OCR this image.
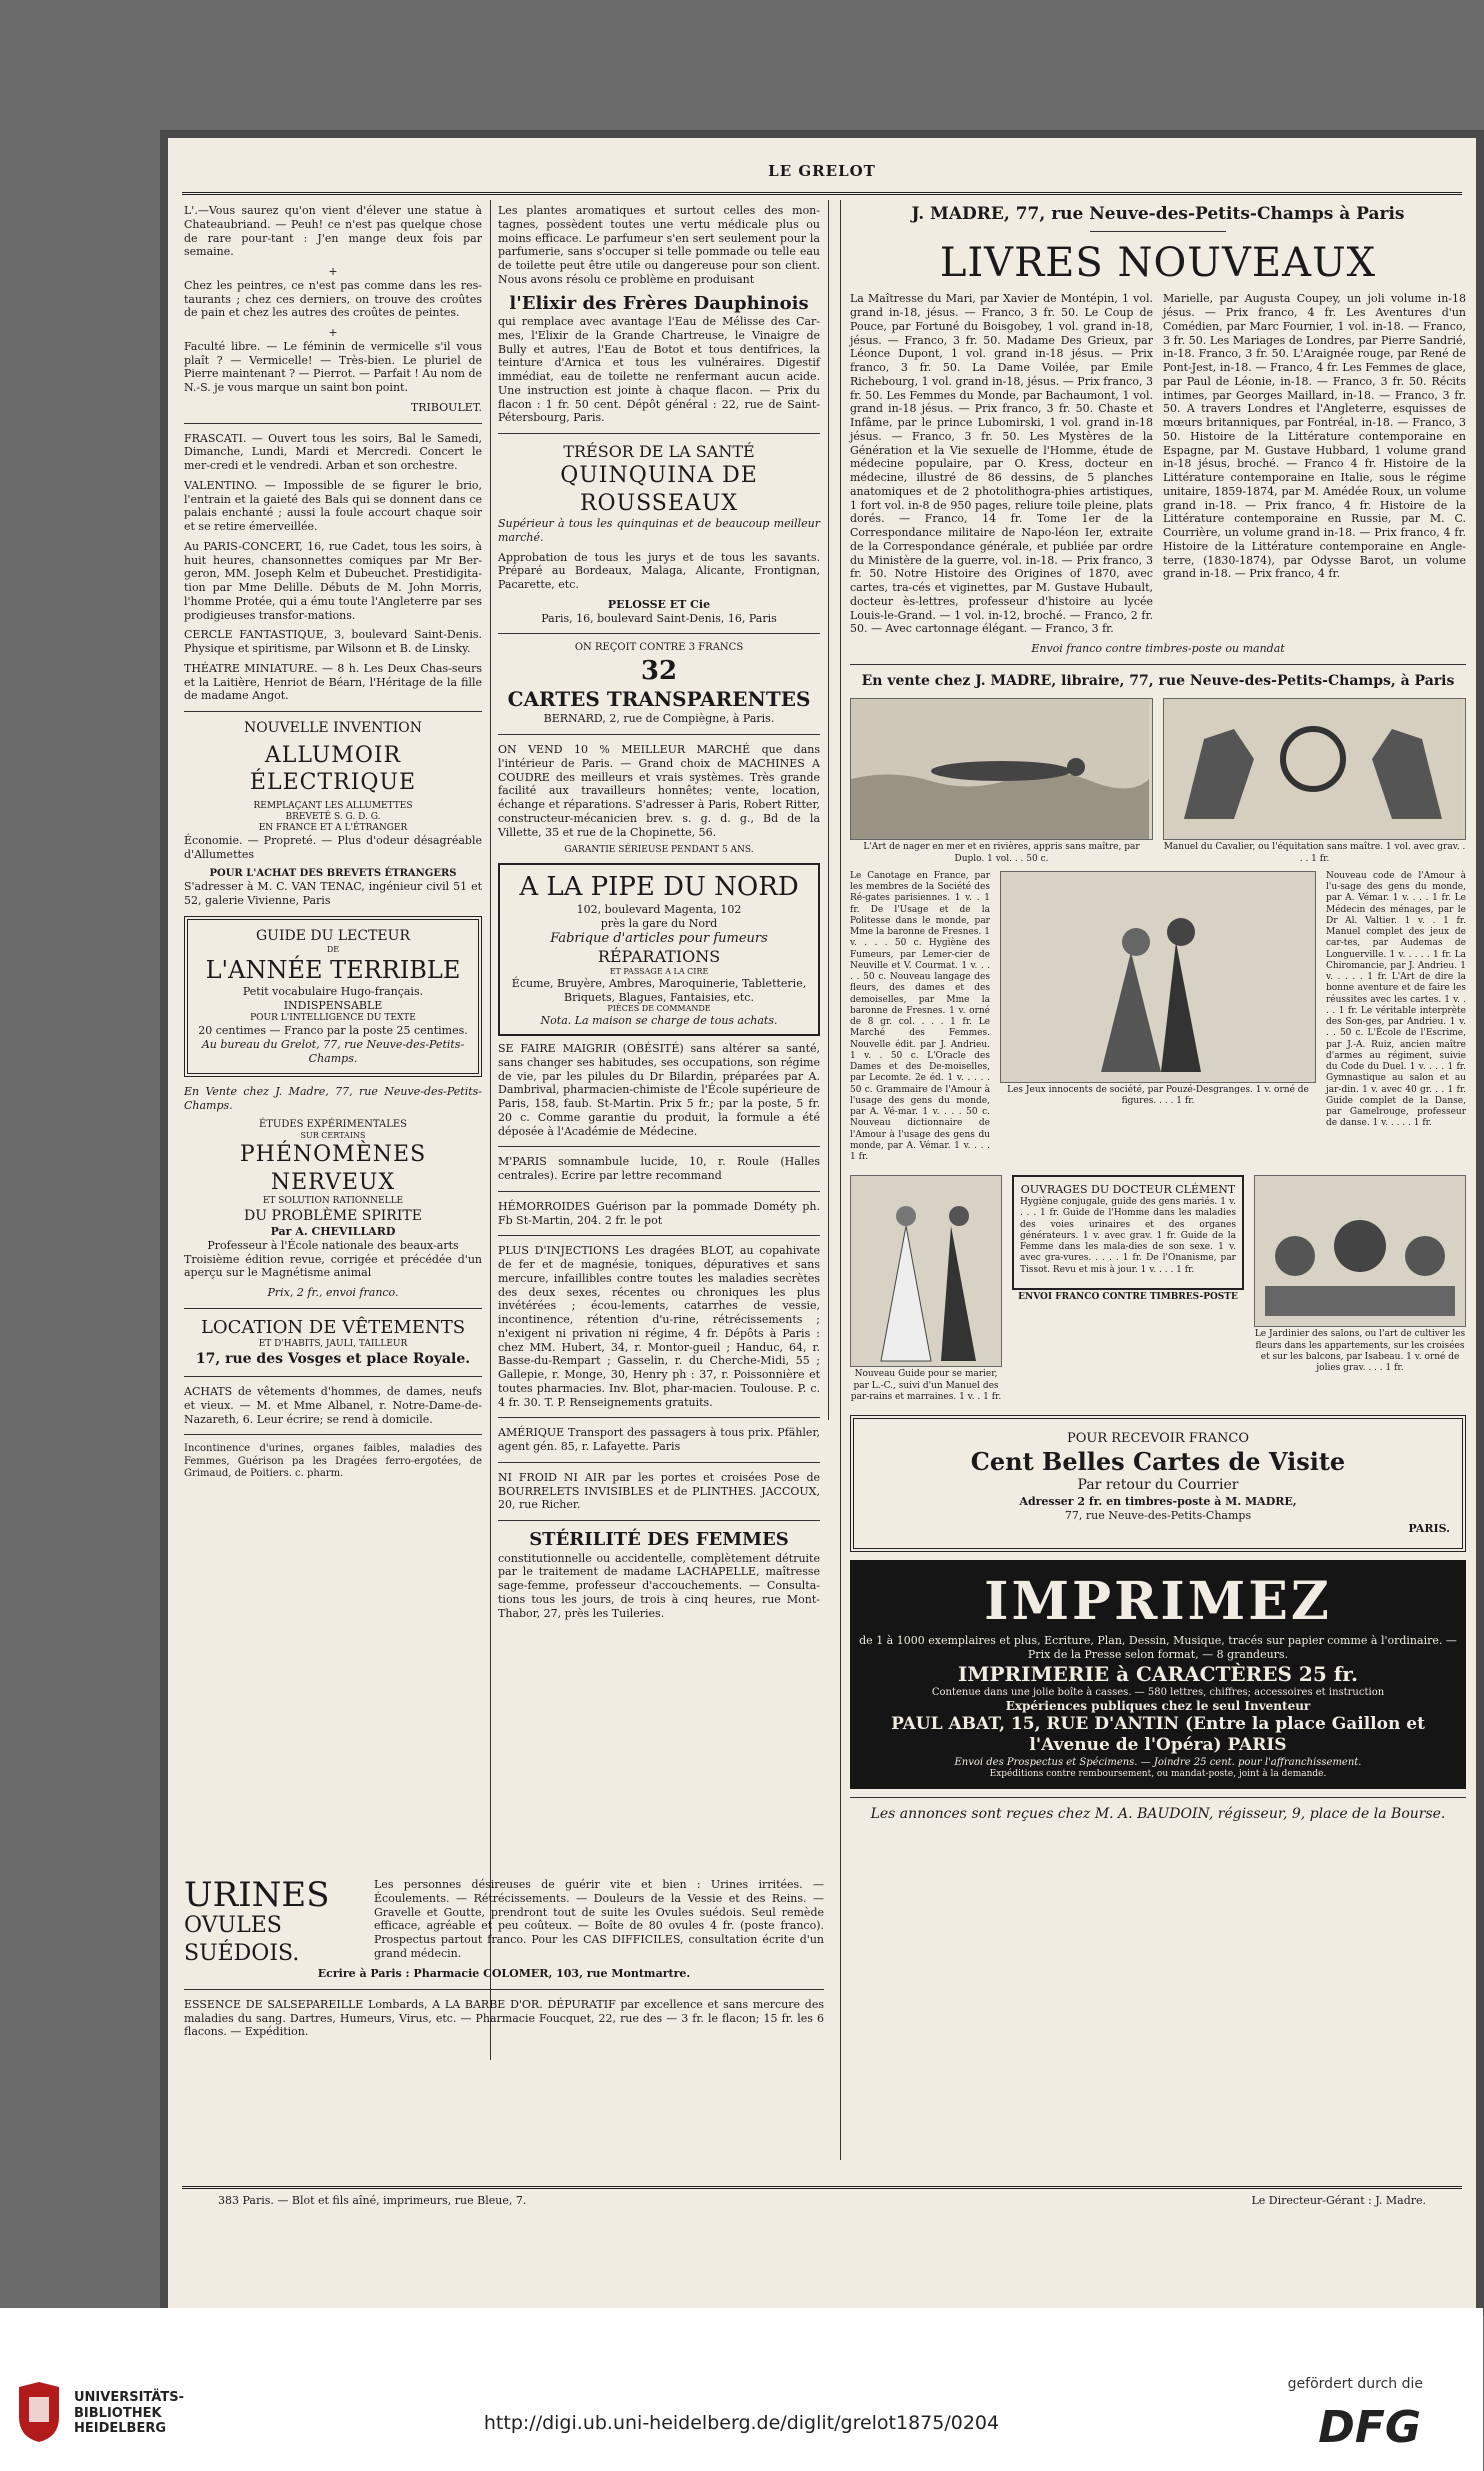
LE GRELOT

L'.—Vous saurez qu'on vient d'élever une statue à Chateaubriand. — Peuh! ce n'est pas quelque chose de rare pour-tant : J'en mange deux fois par semaine.

+

Chez les peintres, ce n'est pas comme dans les res-taurants ; chez ces derniers, on trouve des croûtes de pain et chez les autres des croûtes de peintes.

+

Faculté libre. — Le féminin de vermicelle s'il vous plaît ? — Vermicelle! — Très-bien. Le pluriel de Pierre maintenant ? — Pierrot. — Parfait ! Au nom de N.-S. je vous marque un saint bon point.

TRIBOULET.

FRASCATI. — Ouvert tous les soirs, Bal le Samedi, Dimanche, Lundi, Mardi et Mercredi. Concert le mer-credi et le vendredi. Arban et son orchestre.

VALENTINO. — Impossible de se figurer le brio, l'entrain et la gaieté des Bals qui se donnent dans ce palais enchanté ; aussi la foule accourt chaque soir et se retire émerveillée.

Au PARIS-CONCERT, 16, rue Cadet, tous les soirs, à huit heures, chansonnettes comiques par Mr Ber-geron, MM. Joseph Kelm et Dubeuchet. Prestidigita-tion par Mme Delille. Débuts de M. John Morris, l'homme Protée, qui a ému toute l'Angleterre par ses prodigieuses transfor-mations.

CERCLE FANTASTIQUE, 3, boulevard Saint-Denis. Physique et spiritisme, par Wilsonn et B. de Linsky.

THÉATRE MINIATURE. — 8 h. Les Deux Chas-seurs et la Laitière, Henriot de Béarn, l'Héritage de la fille de madame Angot.

NOUVELLE INVENTION
ALLUMOIR ÉLECTRIQUE
REMPLAÇANT LES ALLUMETTES
BREVETÉ S. G. D. G.
EN FRANCE ET A L'ÉTRANGER

Économie. — Propreté. — Plus d'odeur désagréable d'Allumettes

POUR L'ACHAT DES BREVETS ÉTRANGERS

S'adresser à M. C. VAN TENAC, ingénieur civil 51 et 52, galerie Vivienne, Paris

GUIDE DU LECTEUR
DE
L'ANNÉE TERRIBLE
Petit vocabulaire Hugo-français. INDISPENSABLE
POUR L'INTELLIGENCE DU TEXTE
20 centimes — Franco par la poste 25 centimes.
Au bureau du Grelot, 77, rue Neuve-des-Petits-Champs.

En Vente chez J. Madre, 77, rue Neuve-des-Petits-Champs.

ÉTUDES EXPÉRIMENTALES
SUR CERTAINS
PHÉNOMÈNES NERVEUX
ET SOLUTION RATIONNELLE
DU PROBLÈME SPIRITE
Par A. CHEVILLARD
Professeur à l'École nationale des beaux-arts

Troisième édition revue, corrigée et précédée d'un aperçu sur le Magnétisme animal

Prix, 2 fr., envoi franco.
LOCATION DE VÊTEMENTS
ET D'HABITS, JAULI, TAILLEUR
17, rue des Vosges et place Royale.

ACHATS de vêtements d'hommes, de dames, neufs et vieux. — M. et Mme Albanel, r. Notre-Dame-de-Nazareth, 6. Leur écrire; se rend à domicile.

Incontinence d'urines, organes faibles, maladies des Femmes, Guérison pa les Dragées ferro-ergotées, de Grimaud, de Poitiers. c. pharm.

Les plantes aromatiques et surtout celles des mon-tagnes, possèdent toutes une vertu médicale plus ou moins efficace. Le parfumeur s'en sert seulement pour la parfumerie, sans s'occuper si telle pommade ou telle eau de toilette peut être utile ou dangereuse pour son client. Nous avons résolu ce problème en produisant

l'Elixir des Frères Dauphinois

qui remplace avec avantage l'Eau de Mélisse des Car-mes, l'Elixir de la Grande Chartreuse, le Vinaigre de Bully et autres, l'Eau de Botot et tous dentifrices, la teinture d'Arnica et tous les vulnéraires. Digestif immédiat, eau de toilette ne renfermant aucun acide. Une instruction est jointe à chaque flacon. — Prix du flacon : 1 fr. 50 cent. Dépôt général : 22, rue de Saint-Pétersbourg, Paris.

TRÉSOR DE LA SANTÉ
QUINQUINA DE ROUSSEAUX

Supérieur à tous les quinquinas et de beaucoup meilleur marché.

Approbation de tous les jurys et de tous les savants. Préparé au Bordeaux, Malaga, Alicante, Frontignan, Pacarette, etc.

PELOSSE ET Cie
Paris, 16, boulevard Saint-Denis, 16, Paris
ON REÇOIT CONTRE 3 FRANCS
32
CARTES TRANSPARENTES
BERNARD, 2, rue de Compiègne, à Paris.

ON VEND 10 % MEILLEUR MARCHÉ que dans l'intérieur de Paris. — Grand choix de MACHINES A COUDRE des meilleurs et vrais systèmes. Très grande facilité aux travailleurs honnêtes; vente, location, échange et réparations. S'adresser à Paris, Robert Ritter, constructeur-mécanicien brev. s. g. d. g., Bd de la Villette, 35 et rue de la Chopinette, 56.

GARANTIE SÉRIEUSE PENDANT 5 ANS.
A LA PIPE DU NORD
102, boulevard Magenta, 102
près la gare du Nord
Fabrique d'articles pour fumeurs
RÉPARATIONS
ET PASSAGE A LA CIRE
Écume, Bruyère, Ambres, Maroquinerie, Tabletterie, Briquets, Blagues, Fantaisies, etc.
PIÈCES DE COMMANDE
Nota. La maison se charge de tous achats.

SE FAIRE MAIGRIR (OBÉSITÉ) sans altérer sa santé, sans changer ses habitudes, ses occupations, son régime de vie, par les pilules du Dr Bilardin, préparées par A. Dambrival, pharmacien-chimiste de l'École supérieure de Paris, 158, faub. St-Martin. Prix 5 fr.; par la poste, 5 fr. 20 c. Comme garantie du produit, la formule a été déposée à l'Académie de Médecine.

M'PARIS somnambule lucide, 10, r. Roule (Halles centrales). Ecrire par lettre recommand

HÉMORROIDES Guérison par la pommade Dométy ph. Fb St-Martin, 204. 2 fr. le pot

PLUS D'INJECTIONS Les dragées BLOT, au copahivate de fer et de magnésie, toniques, dépuratives et sans mercure, infaillibles contre toutes les maladies secrètes des deux sexes, récentes ou chroniques les plus invétérées ; écou-lements, catarrhes de vessie, incontinence, rétention d'u-rine, rétrécissements ; n'exigent ni privation ni régime, 4 fr. Dépôts à Paris : chez MM. Hubert, 34, r. Montor-gueil ; Handuc, 64, r. Basse-du-Rempart ; Gasselin, r. du Cherche-Midi, 55 ; Gallepie, r. Monge, 30, Henry ph : 37, r. Poissonnière et toutes pharmacies. Inv. Blot, phar-macien. Toulouse. P. c. 4 fr. 30. T. P. Renseignements gratuits.

AMÉRIQUE Transport des passagers à tous prix. Pfähler, agent gén. 85, r. Lafayette. Paris

NI FROID NI AIR par les portes et croisées Pose de BOURRELETS INVISIBLES et de PLINTHES. JACCOUX, 20, rue Richer.

STÉRILITÉ DES FEMMES

constitutionnelle ou accidentelle, complètement détruite par le traitement de madame LACHAPELLE, maîtresse sage-femme, professeur d'accouchements. — Consulta-tions tous les jours, de trois à cinq heures, rue Mont-Thabor, 27, près les Tuileries.

URINES
OVULES SUÉDOIS.

Les personnes désireuses de guérir vite et bien : Urines irritées. — Écoulements. — Rétrécissements. — Douleurs de la Vessie et des Reins. — Gravelle et Goutte, prendront tout de suite les Ovules suédois. Seul remède efficace, agréable et peu coûteux. — Boîte de 80 ovules 4 fr. (poste franco). Prospectus partout franco. Pour les CAS DIFFICILES, consultation écrite d'un grand médecin.

Ecrire à Paris : Pharmacie COLOMER, 103, rue Montmartre.

ESSENCE DE SALSEPAREILLE Lombards, A LA BARBE D'OR. DÉPURATIF par excellence et sans mercure des maladies du sang. Dartres, Humeurs, Virus, etc. — Pharmacie Foucquet, 22, rue des — 3 fr. le flacon; 15 fr. les 6 flacons. — Expédition.

J. MADRE, 77, rue Neuve-des-Petits-Champs à Paris
LIVRES NOUVEAUX

La Maîtresse du Mari, par Xavier de Montépin, 1 vol. grand in-18, jésus. — Franco, 3 fr. 50. Le Coup de Pouce, par Fortuné du Boisgobey, 1 vol. grand in-18, jésus. — Franco, 3 fr. 50. Madame Des Grieux, par Léonce Dupont, 1 vol. grand in-18 jésus. — Prix franco, 3 fr. 50. La Dame Voilée, par Emile Richebourg, 1 vol. grand in-18, jésus. — Prix franco, 3 fr. 50. Les Femmes du Monde, par Bachaumont, 1 vol. grand in-18 jésus. — Prix franco, 3 fr. 50. Chaste et Infâme, par le prince Lubomirski, 1 vol. grand in-18 jésus. — Franco, 3 fr. 50. Les Mystères de la Génération et la Vie sexuelle de l'Homme, étude de médecine populaire, par O. Kress, docteur en médecine, illustré de 86 dessins, de 5 planches anatomiques et de 2 photolithogra-phies artistiques, 1 fort vol. in-8 de 950 pages, reliure toile pleine, plats dorés. — Franco, 14 fr. Tome 1er de la Correspondance militaire de Napo-léon Ier, extraite de la Correspondance générale, et publiée par ordre du Ministère de la guerre, vol. in-18. — Prix franco, 3 fr. 50. Notre Histoire des Origines of 1870, avec cartes, tra-cés et viginettes, par M. Gustave Hubault, docteur ès-lettres, professeur d'histoire au lycée Louis-le-Grand. — 1 vol. in-12, broché. — Franco, 2 fr. 50. — Avec cartonnage élégant. — Franco, 3 fr.

Marielle, par Augusta Coupey, un joli volume in-18 jésus. — Prix franco, 4 fr. Les Aventures d'un Comédien, par Marc Fournier, 1 vol. in-18. — Franco, 3 fr. 50. Les Mariages de Londres, par Pierre Sandrié, in-18. Franco, 3 fr. 50. L'Araignée rouge, par René de Pont-Jest, in-18. — Franco, 4 fr. Les Femmes de glace, par Paul de Léonie, in-18. — Franco, 3 fr. 50. Récits intimes, par Georges Maillard, in-18. — Franco, 3 fr. 50. A travers Londres et l'Angleterre, esquisses de mœurs britanniques, par Fontréal, in-18. — Franco, 3 50. Histoire de la Littérature contemporaine en Espagne, par M. Gustave Hubbard, 1 volume grand in-18 jésus, broché. — Franco 4 fr. Histoire de la Littérature contemporaine en Italie, sous le régime unitaire, 1859-1874, par M. Amédée Roux, un volume grand in-18. — Prix franco, 4 fr. Histoire de la Littérature contemporaine en Russie, par M. C. Courrière, un volume grand in-18. — Prix franco, 4 fr. Histoire de la Littérature contemporaine en Angle-terre, (1830-1874), par Odysse Barot, un volume grand in-18. — Prix franco, 4 fr.

Envoi franco contre timbres-poste ou mandat
En vente chez J. MADRE, libraire, 77, rue Neuve-des-Petits-Champs, à Paris
L'Art de nager en mer et en rivières, appris sans maître, par Duplo. 1 vol. . . 50 c.
Manuel du Cavalier, ou l'équitation sans maître. 1 vol. avec grav. . . . 1 fr.

Le Canotage en France, par les membres de la Société des Ré-gates parisiennes. 1 v. . 1 fr. De l'Usage et de la Politesse dans le monde, par Mme la baronne de Fresnes. 1 v. . . . 50 c. Hygiène des Fumeurs, par Lemer-cier de Neuville et V. Courmat. 1 v. . . . . 50 c. Nouveau langage des fleurs, des dames et des demoiselles, par Mme la baronne de Fresnes. 1 v. orné de 8 gr. col. . . . 1 fr. Le Marché des Femmes. Nouvelle édit. par J. Andrieu. 1 v. . 50 c. L'Oracle des Dames et des De-moiselles, par Lecomte. 2e éd. 1 v. . . . . 50 c. Grammaire de l'Amour à l'usage des gens du monde, par A. Vé-mar. 1 v. . . . 50 c. Nouveau dictionnaire de l'Amour à l'usage des gens du monde, par A. Vémar. 1 v. . . . 1 fr.

Les Jeux innocents de société, par Pouzé-Desgranges. 1 v. orné de figures. . . . 1 fr.

Nouveau code de l'Amour à l'u-sage des gens du monde, par A. Vémar. 1 v. . . . 1 fr. Le Médecin des ménages, par le Dr Al. Valtier. 1 v. . 1 fr. Manuel complet des jeux de car-tes, par Audemas de Longuerville. 1 v. . . . . 1 fr. La Chiromancie, par J. Andrieu. 1 v. . . . . 1 fr. L'Art de dire la bonne aventure et de faire les réussites avec les cartes. 1 v. . . . 1 fr. Le véritable interprète des Son-ges, par Andrieu. 1 v. . . 50 c. L'École de l'Escrime, par J.-A. Ruiz, ancien maître d'armes au régiment, suivie du Code du Duel. 1 v. . . . 1 fr. Gymnastique au salon et au jar-din. 1 v. avec 40 gr. . . 1 fr. Guide complet de la Danse, par Gamelrouge, professeur de danse. 1 v. . . . . 1 fr.

Nouveau Guide pour se marier, par L.-C., suivi d'un Manuel des par-rains et marraines. 1 v. . 1 fr.
OUVRAGES DU DOCTEUR CLÉMENT

Hygiène conjugale, guide des gens mariés. 1 v. . . . 1 fr. Guide de l'Homme dans les maladies des voies urinaires et des organes générateurs. 1 v. avec grav. 1 fr. Guide de la Femme dans les mala-dies de son sexe. 1 v. avec gra-vures. . . . . 1 fr. De l'Onanisme, par Tissot. Revu et mis à jour. 1 v. . . . 1 fr.

ENVOI FRANCO CONTRE TIMBRES-POSTE
Le Jardinier des salons, ou l'art de cultiver les fleurs dans les appartements, sur les croisées et sur les balcons, par Isabeau. 1 v. orné de jolies grav. . . . 1 fr.
POUR RECEVOIR FRANCO
Cent Belles Cartes de Visite
Par retour du Courrier
Adresser 2 fr. en timbres-poste à M. MADRE,
77, rue Neuve-des-Petits-Champs
PARIS.
IMPRIMEZ
de 1 à 1000 exemplaires et plus, Ecriture, Plan, Dessin, Musique, tracés sur papier comme à l'ordinaire. — Prix de la Presse selon format, — 8 grandeurs.
IMPRIMERIE à CARACTÈRES 25 fr.
Contenue dans une jolie boîte à casses. — 580 lettres, chiffres; accessoires et instruction
Expériences publiques chez le seul Inventeur
PAUL ABAT, 15, RUE D'ANTIN (Entre la place Gaillon et l'Avenue de l'Opéra) PARIS
Envoi des Prospectus et Spécimens. — Joindre 25 cent. pour l'affranchissement.
Expéditions contre remboursement, ou mandat-poste, joint à la demande.
Les annonces sont reçues chez M. A. BAUDOIN, régisseur, 9, place de la Bourse.
383 Paris. — Blot et fils aîné, imprimeurs, rue Bleue, 7.	Le Directeur-Gérant : J. Madre.
UNIVERSITÄTS-
BIBLIOTHEK
HEIDELBERG	http://digi.ub.uni-heidelberg.de/diglit/grelot1875/0204
gefördert durch die
DFG
